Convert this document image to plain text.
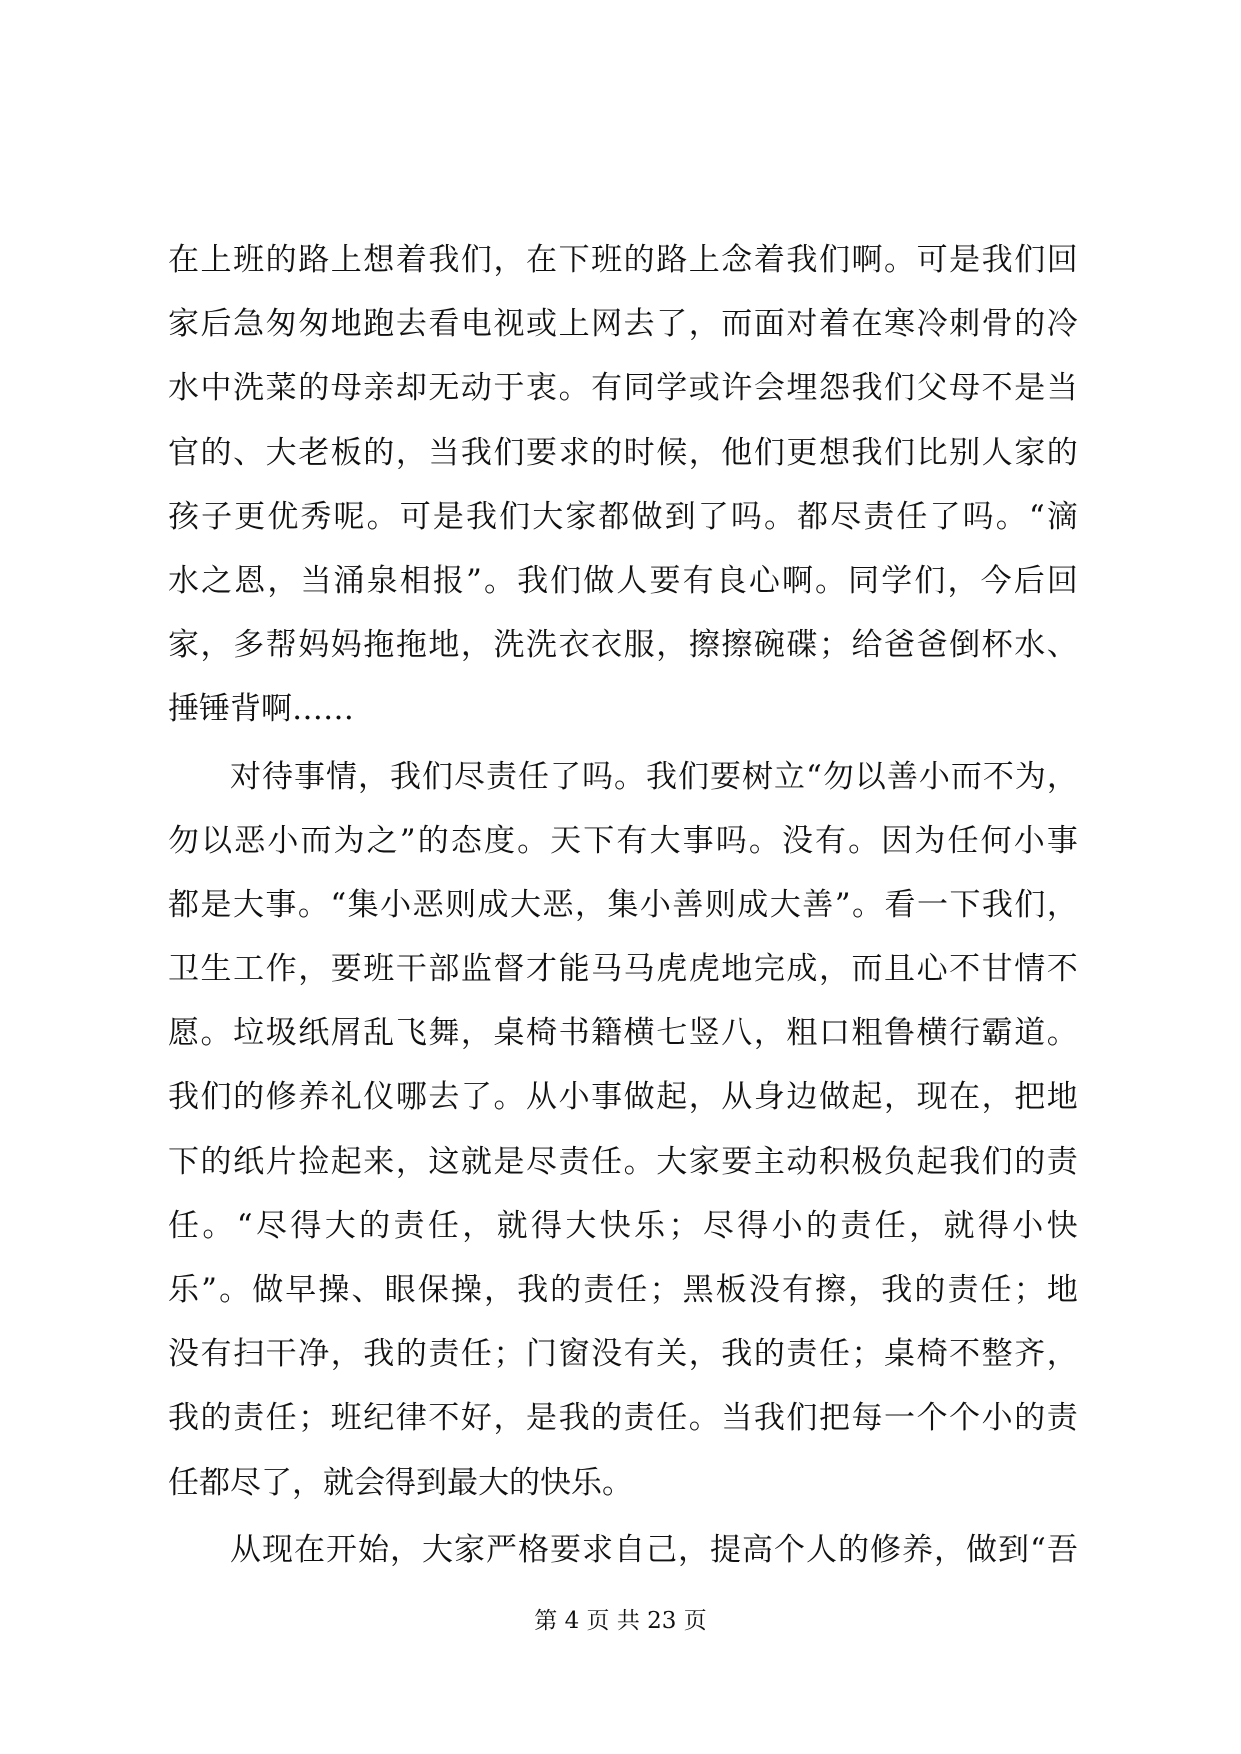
在 上 班 的 路 上 想 着 我 们 ， 在 下 班 的 路 上 念 着 我 们 啊 。 可 是 我 们 回
家 后 急 匆 匆 地 跑 去 看 电 视 或 上 网 去 了 ， 而 面 对 着 在 寒 冷 刺 骨 的 冷
水 中 洗 菜 的 母 亲 却 无 动 于 衷 。 有 同 学 或 许 会 埋 怨 我 们 父 母 不 是 当
官 的 、 大 老 板 的 ， 当 我 们 要 求 的 时 候 ， 他 们 更 想 我 们 比 别 人 家 的
孩 子 更 优 秀 呢 。 可 是 我 们 大 家 都 做 到 了 吗 。 都 尽 责 任 了 吗 。 “ 滴
水 之 恩 ， 当 涌 泉 相 报 ” 。 我 们 做 人 要 有 良 心 啊 。 同 学 们 ， 今 后 回
家 ， 多 帮 妈 妈 拖 拖 地 ， 洗 洗 衣 衣 服 ， 擦 擦 碗 碟 ； 给 爸 爸 倒 杯 水 、
捶锤背啊……
对 待 事 情 ， 我 们 尽 责 任 了 吗 。 我 们 要 树 立 “ 勿 以 善 小 而 不 为 ，
勿 以 恶 小 而 为 之 ” 的 态 度 。 天 下 有 大 事 吗 。 没 有 。 因 为 任 何 小 事
都 是 大 事 。 “ 集 小 恶 则 成 大 恶 ， 集 小 善 则 成 大 善 ” 。 看 一 下 我 们 ，
卫 生 工 作 ， 要 班 干 部 监 督 才 能 马 马 虎 虎 地 完 成 ， 而 且 心 不 甘 情 不
愿 。 垃 圾 纸 屑 乱 飞 舞 ， 桌 椅 书 籍 横 七 竖 八 ， 粗 口 粗 鲁 横 行 霸 道 。
我 们 的 修 养 礼 仪 哪 去 了 。 从 小 事 做 起 ， 从 身 边 做 起 ， 现 在 ， 把 地
下 的 纸 片 捡 起 来 ， 这 就 是 尽 责 任 。 大 家 要 主 动 积 极 负 起 我 们 的 责
任 。 “ 尽 得 大 的 责 任 ， 就 得 大 快 乐 ； 尽 得 小 的 责 任 ， 就 得 小 快
乐 ” 。 做 早 操 、 眼 保 操 ， 我 的 责 任 ； 黑 板 没 有 擦 ， 我 的 责 任 ； 地
没 有 扫 干 净 ， 我 的 责 任 ； 门 窗 没 有 关 ， 我 的 责 任 ； 桌 椅 不 整 齐 ，
我 的 责 任 ； 班 纪 律 不 好 ， 是 我 的 责 任 。 当 我 们 把 每 一 个 个 小 的 责
任都尽了，就会得到最大的快乐。
从 现 在 开 始 ， 大 家 严 格 要 求 自 己 ， 提 高 个 人 的 修 养 ， 做 到 “ 吾
第 4 页 共 23 页
